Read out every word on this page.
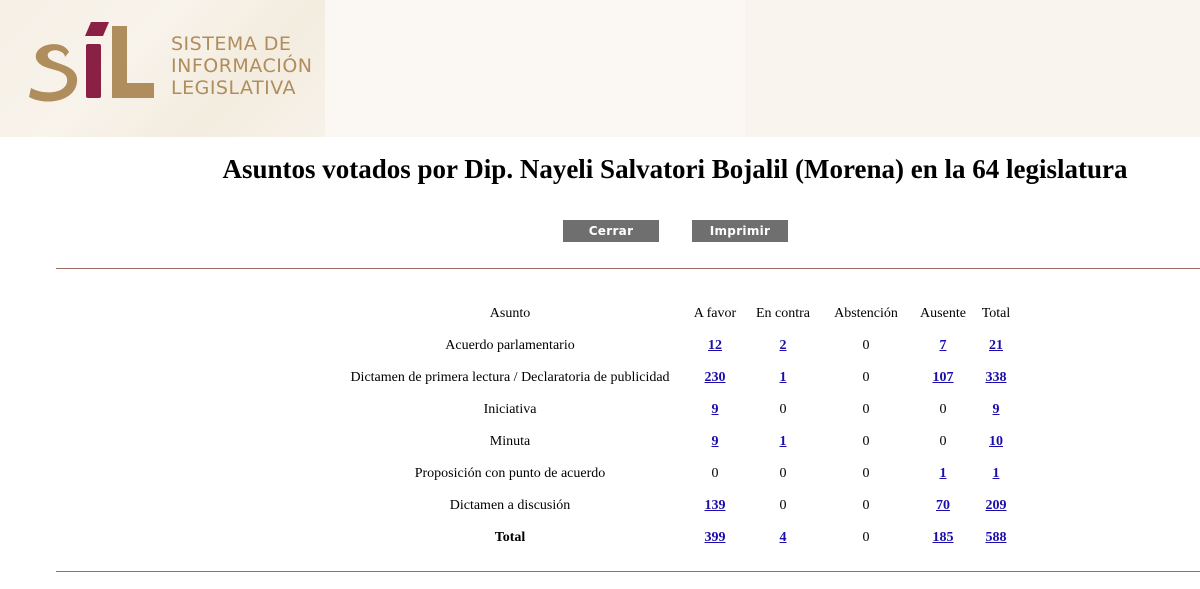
SISTEMA DE
INFORMACIÓN
LEGISLATIVA
Asuntos votados por Dip. Nayeli Salvatori Bojalil (Morena) en la 64 legislatura
Cerrar	Imprimir
Asunto	A favor	En contra	Abstención	Ausente	Total
Acuerdo parlamentario	12	2	0	7	21
Dictamen de primera lectura / Declaratoria de publicidad	230	1	0	107	338
Iniciativa	9	0	0	0	9
Minuta	9	1	0	0	10
Proposición con punto de acuerdo	0	0	0	1	1
Dictamen a discusión	139	0	0	70	209
Total	399	4	0	185	588
